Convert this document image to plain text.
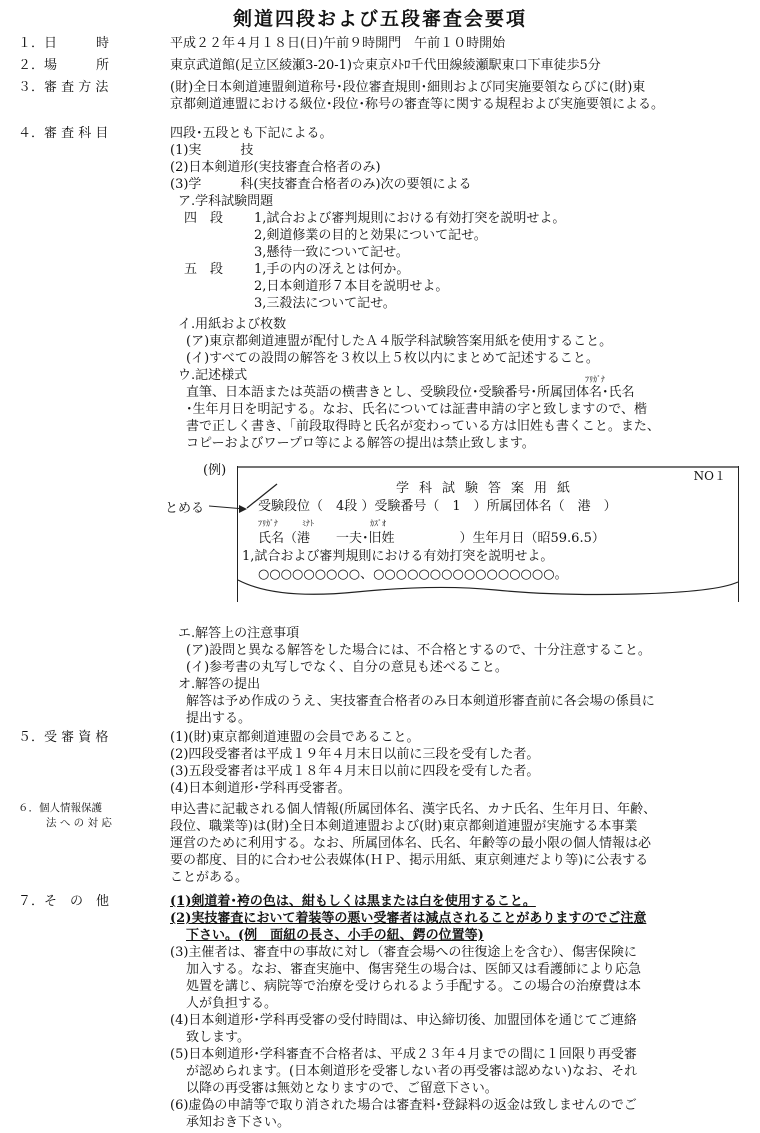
剣道四段および五段審査会要項
１．日　　　時	平成２２年４月１８日(日)午前９時開門　午前１０時開始
２．場　　　所	東京武道館(足立区綾瀬3-20-1)☆東京ﾒﾄﾛ千代田線綾瀬駅東口下車徒歩5分
３．審 査 方 法	(財)全日本剣道連盟剣道称号･段位審査規則･細則および同実施要領ならびに(財)東
京都剣道連盟における級位･段位･称号の審査等に関する規程および実施要領による。
４．審 査 科 目	四段･五段とも下記による。
(1)実　　　技
(2)日本剣道形(実技審査合格者のみ)
(3)学　　　科(実技審査合格者のみ)次の要領による
ア.学科試験問題
四　段	1,試合および審判規則における有効打突を説明せよ。
2,剣道修業の目的と効果について記せ。
3,懸待一致について記せ。
五　段	1,手の内の冴えとは何か。
2,日本剣道形７本目を説明せよ。
3,三殺法について記せ。
イ.用紙および枚数
(ア)東京都剣道連盟が配付したＡ４版学科試験答案用紙を使用すること。
(イ)すべての設問の解答を３枚以上５枚以内にまとめて記述すること。
ウ.記述様式	ﾌﾘｶﾞﾅ
直筆、日本語または英語の横書きとし、受験段位･受験番号･所属団体名･氏名
･生年月日を明記する。なお、氏名については証書申請の字と致しますので、楷
書で正しく書き、｢前段取得時と氏名が変わっている方は旧姓も書くこと。また、
コピーおよびワープロ等による解答の提出は禁止致します。
(例)
とめる
NO１
学科試験答案用紙
受験段位（　4段 ）受験番号（　1　）所属団体名（　港　）
ﾌﾘｶﾞﾅ　　　ﾐﾅﾄ　　　　　　　ｶｽﾞｵ
氏名（港　　一夫･旧姓　　　　　）生年月日（昭59.6.5）
1,試合および審判規則における有効打突を説明せよ。
○○○○○○○○○、○○○○○○○○○○○○○○○○。
エ.解答上の注意事項
(ア)設問と異なる解答をした場合には、不合格とするので、十分注意すること。
(イ)参考書の丸写しでなく、自分の意見も述べること。
オ.解答の提出
解答は予め作成のうえ、実技審査合格者のみ日本剣道形審査前に各会場の係員に
提出する。
５．受 審 資 格	(1)(財)東京都剣道連盟の会員であること。
(2)四段受審者は平成１９年４月末日以前に三段を受有した者。
(3)五段受審者は平成１８年４月末日以前に四段を受有した者。
(4)日本剣道形･学科再受審者。
６．個人情報保護
法 へ の 対 応
申込書に記載される個人情報(所属団体名、漢字氏名、カナ氏名、生年月日、年齢、
段位、職業等)は(財)全日本剣道連盟および(財)東京都剣道連盟が実施する本事業
運営のために利用する。なお、所属団体名、氏名、年齢等の最小限の個人情報は必
要の都度、目的に合わせ公表媒体(ＨＰ、掲示用紙、東京剣連だより等)に公表する
ことがある。
７．そ　の　他	(1)剣道着･袴の色は、紺もしくは黒または白を使用すること。
(2)実技審査において着装等の悪い受審者は減点されることがありますのでご注意
下さい。(例　面紐の長さ、小手の紐、鍔の位置等)
(3)主催者は、審査中の事故に対し（審査会場への往復途上を含む）、傷害保険に
加入する。なお、審査実施中、傷害発生の場合は、医師又は看護師により応急
処置を講じ、病院等で治療を受けられるよう手配する。この場合の治療費は本
人が負担する。
(4)日本剣道形･学科再受審の受付時間は、申込締切後、加盟団体を通じてご連絡
致します。
(5)日本剣道形･学科審査不合格者は、平成２３年４月までの間に１回限り再受審
が認められます。(日本剣道形を受審しない者の再受審は認めない)なお、それ
以降の再受審は無効となりますので、ご留意下さい。
(6)虚偽の申請等で取り消された場合は審査料･登録料の返金は致しませんのでご
承知おき下さい。
